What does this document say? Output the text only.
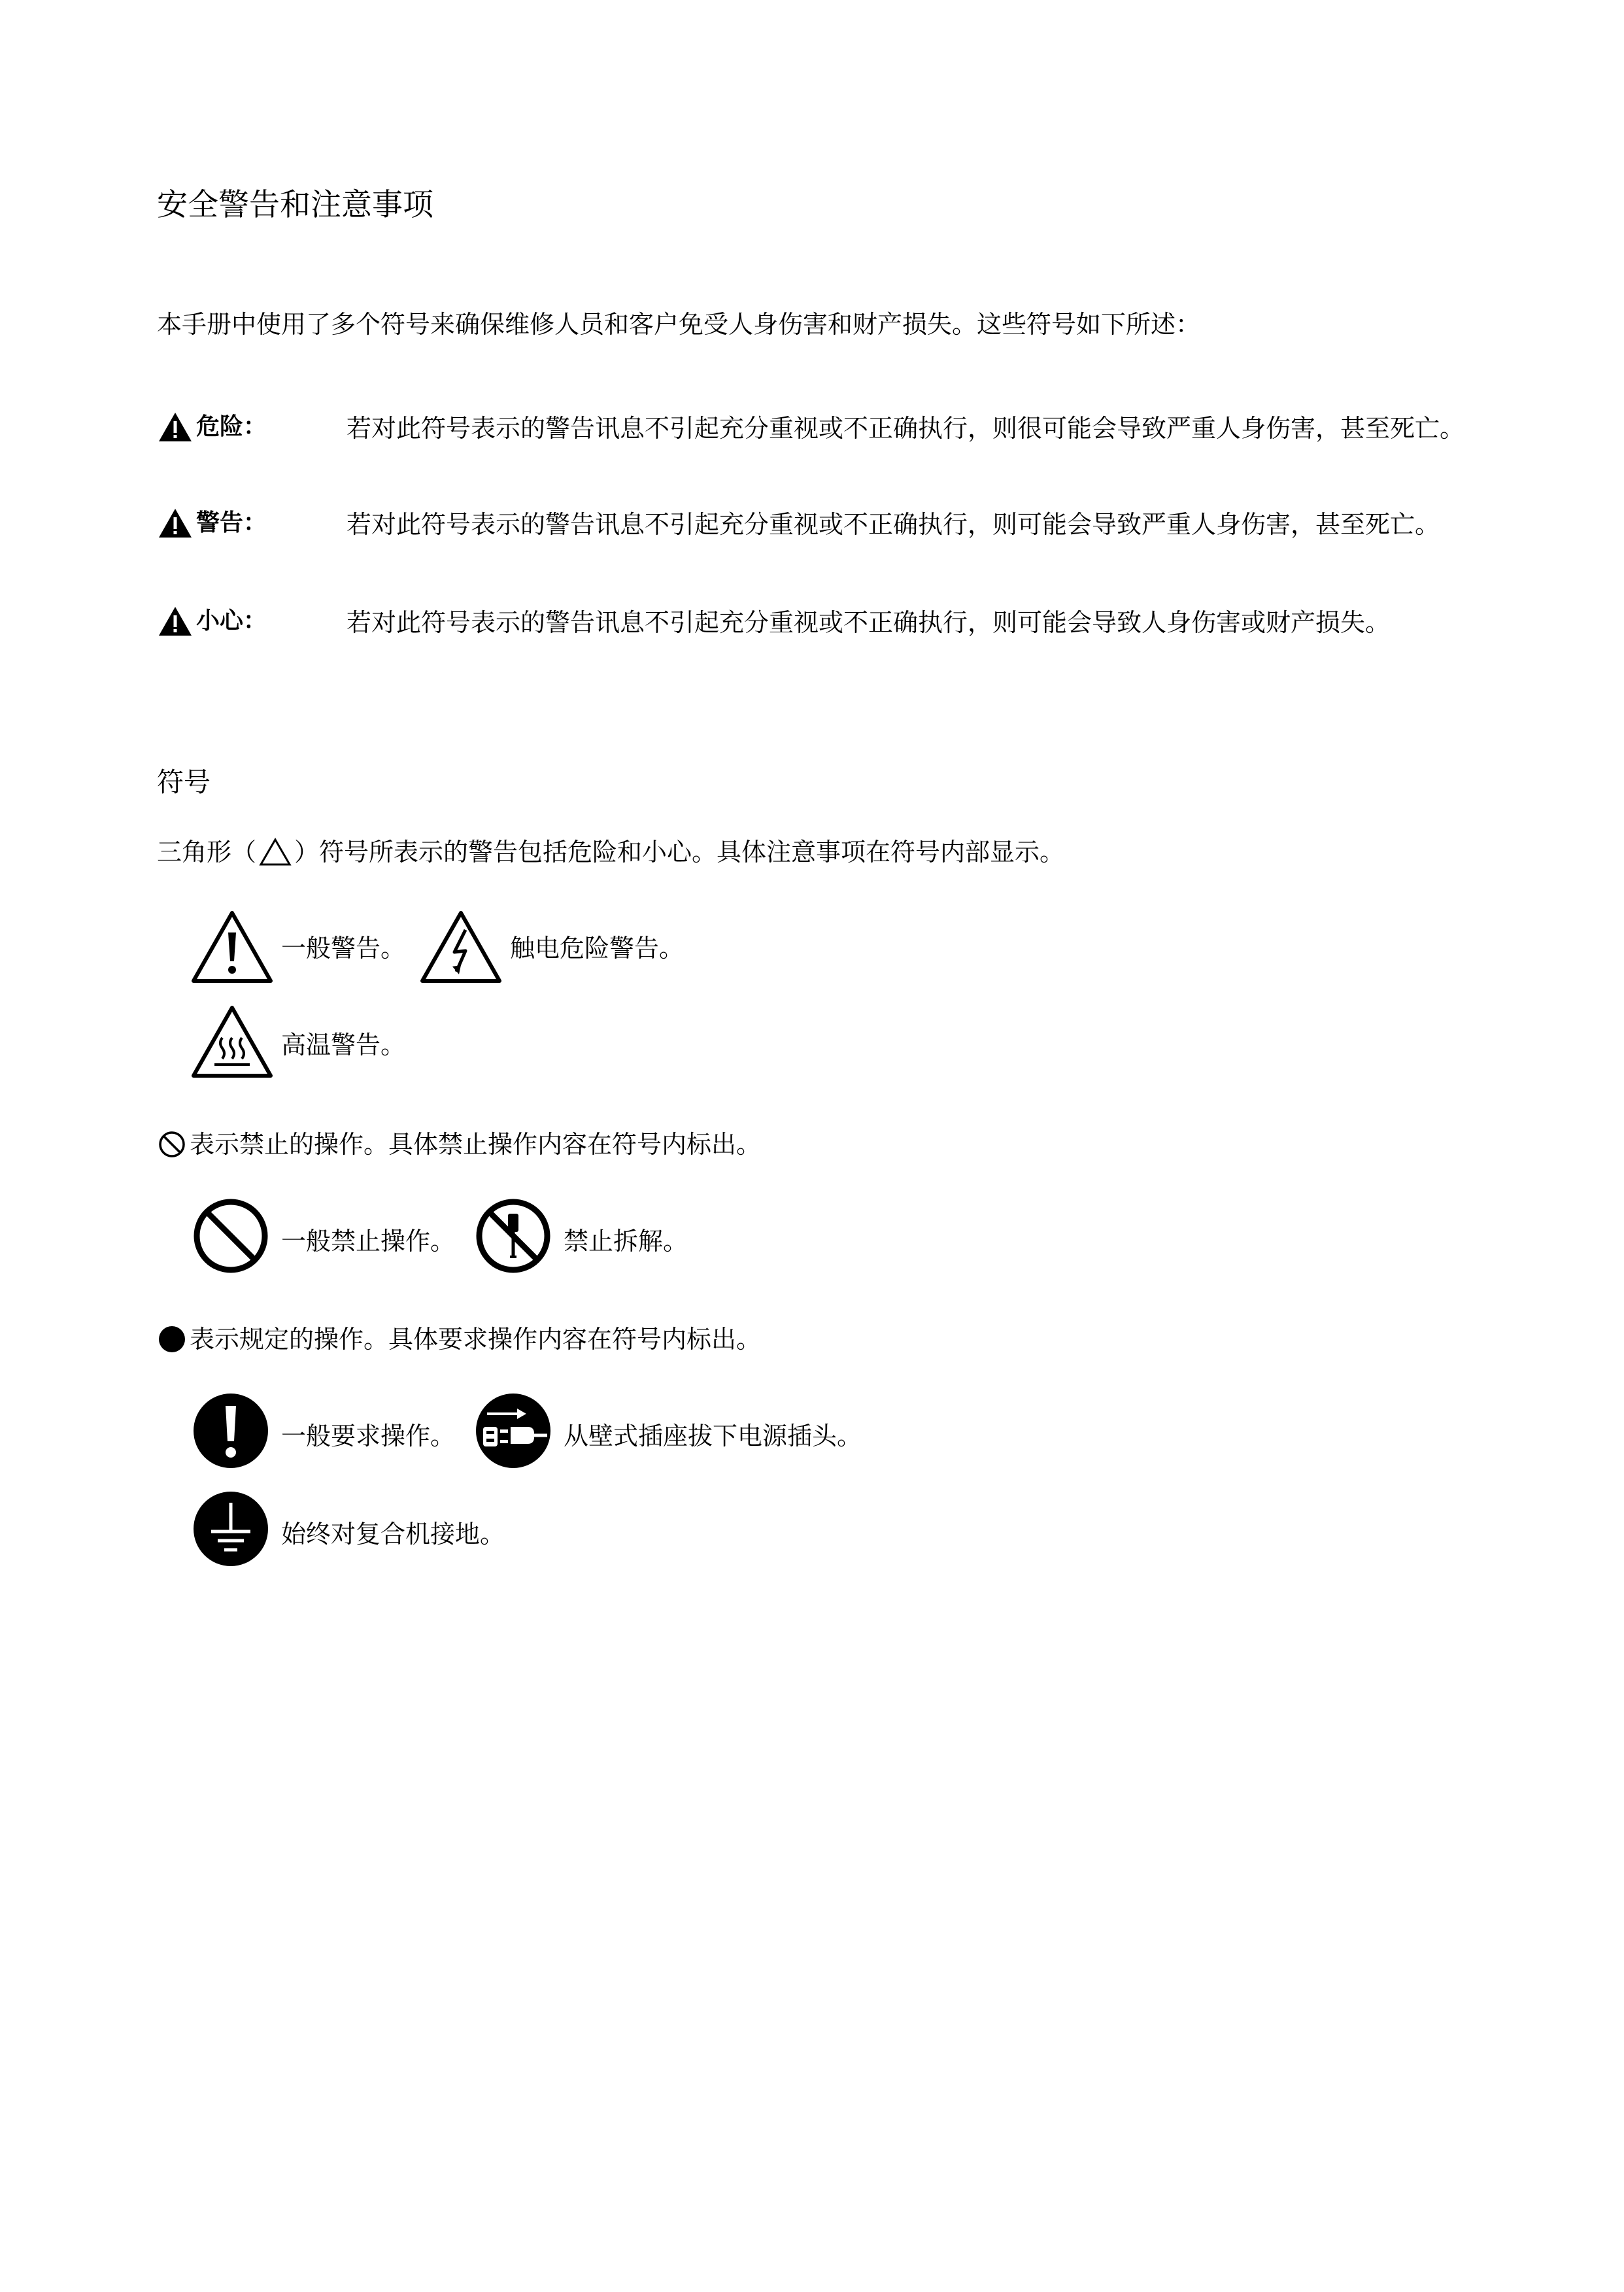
安全警告和注意事项

本手册中使用了多个符号来确保维修人员和客户免受人身伤害和财产损失。这些符号如下所述：

危险：	若对此符号表示的警告讯息不引起充分重视或不正确执行，则很可能会导致严重人身伤害，甚至死亡。

警告：	若对此符号表示的警告讯息不引起充分重视或不正确执行，则可能会导致严重人身伤害，甚至死亡。

小心：	若对此符号表示的警告讯息不引起充分重视或不正确执行，则可能会导致人身伤害或财产损失。

符号

三角形（ ）符号所表示的警告包括危险和小心。具体注意事项在符号内部显示。

一般警告。	触电危险警告。
高温警告。

表示禁止的操作。具体禁止操作内容在符号内标出。

一般禁止操作。	禁止拆解。

表示规定的操作。具体要求操作内容在符号内标出。

一般要求操作。	从壁式插座拔下电源插头。
始终对复合机接地。
